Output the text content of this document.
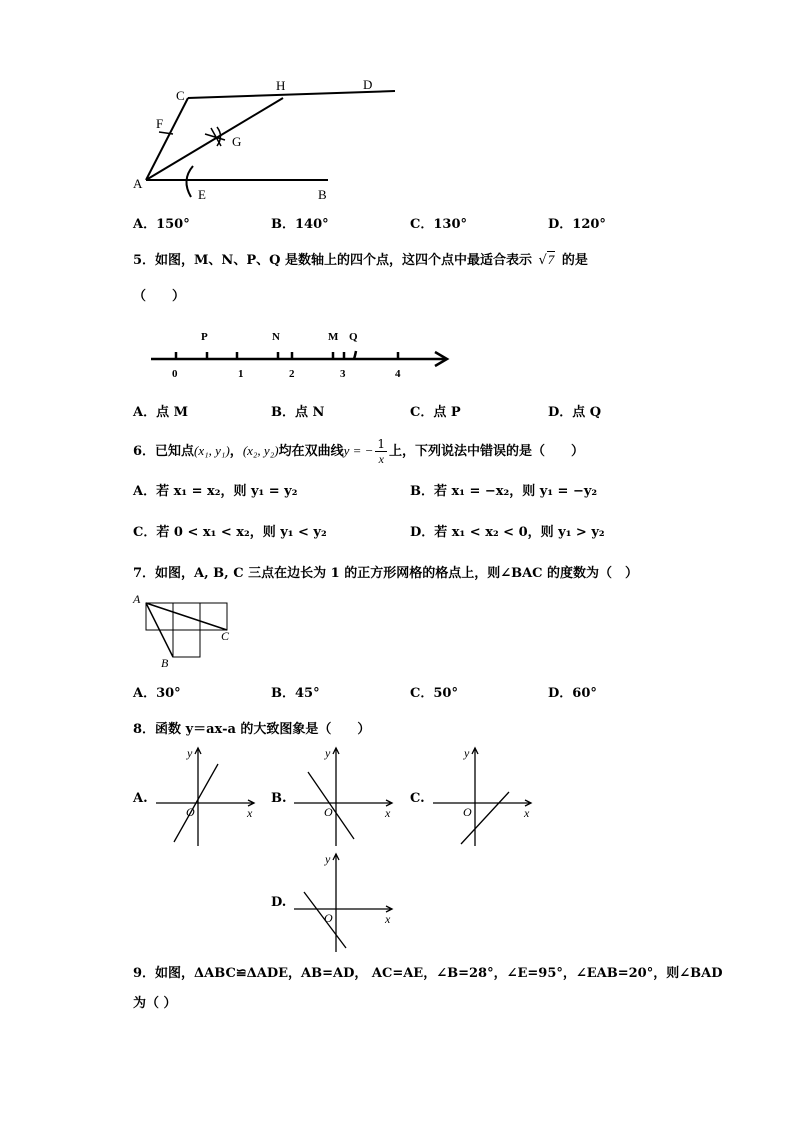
C
H	D
F
G
A
E	B
A．150°	B．140°	C．130°	D．120°
5．如图，M、N、P、Q 是数轴上的四个点，这四个点中最适合表示 √7 的是
（　　）
P	N	M Q
0	1	2	3	4
A．点 M	B．点 N	C．点 P	D．点 Q
6．已知点(x₁, y₁)，(x₂, y₂)均在双曲线y = − $\frac{1}{x}$ 上，下列说法中错误的是（　　）
A．若 x₁ = x₂，则 y₁ = y₂	B．若 x₁ = −x₂，则 y₁ = −y₂
C．若 0 < x₁ < x₂，则 y₁ < y₂	D．若 x₁ < x₂ < 0，则 y₁ > y₂
7．如图，A, B, C 三点在边长为 1 的正方形网格的格点上，则∠BAC 的度数为（　）
A
B
C
A．30°	B．45°	C．50°	D．60°
8．函数 y＝ax-a 的大致图象是（　　）
A.	B.	C.
D.
y
x
O
y
x
O
y
x
O
y
x
O
9．如图，ΔABC≌ΔADE，AB=AD， AC=AE，∠B=28°，∠E=95°，∠EAB=20°，则∠BAD
为（ ）
